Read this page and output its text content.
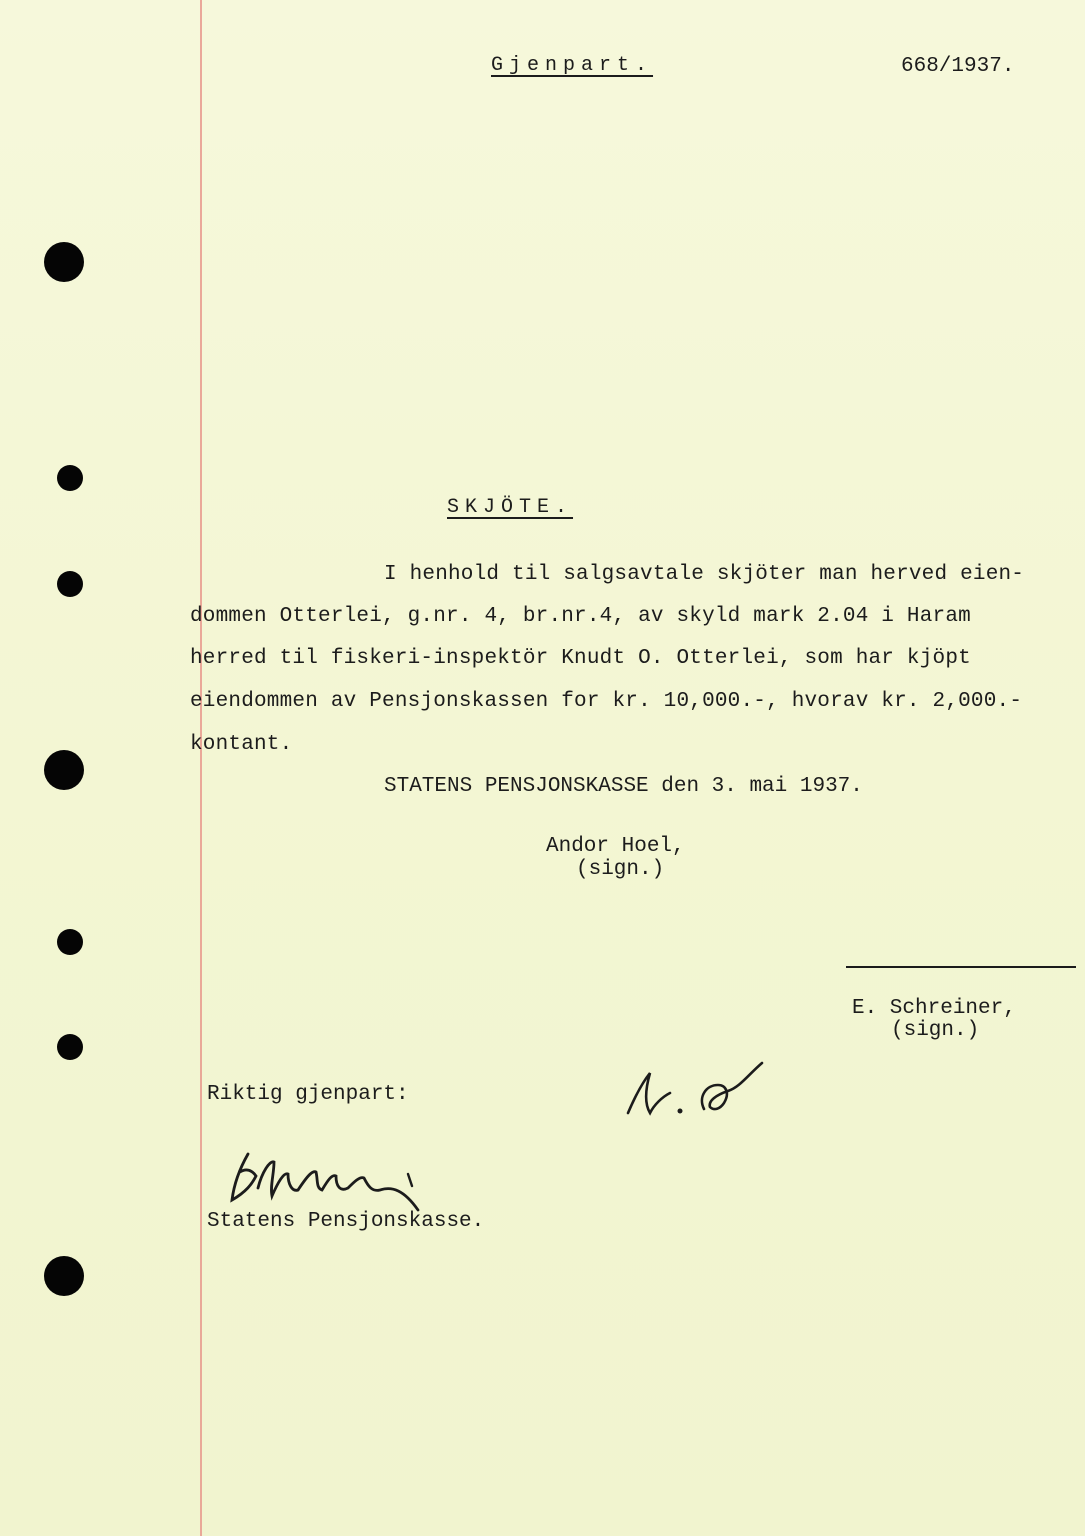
Gjenpart.	668/1937.
SKJÖTE.
I henhold til salgsavtale skjöter man herved eien-
dommen Otterlei, g.nr. 4, br.nr.4, av skyld mark 2.04 i Haram
herred til fiskeri-inspektör Knudt O. Otterlei, som har kjöpt
eiendommen av Pensjonskassen for kr. 10,000.-, hvorav kr. 2,000.-
kontant.
STATENS PENSJONSKASSE den 3. mai 1937.
Andor Hoel,
(sign.)
E. Schreiner,
(sign.)
Riktig gjenpart:
Statens Pensjonskasse.
